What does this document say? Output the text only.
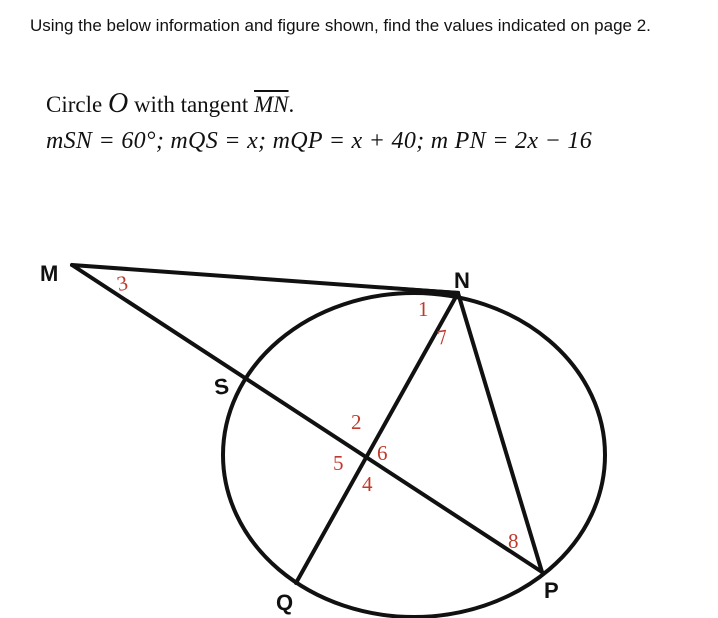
Using the below information and figure shown, find the values indicated on page 2.

Circle O with tangent $\overline{MN}$.
mSN = 60°; mQS = x; mQP = x + 40; m PN = 2x − 16
M	N
S
Q	P
1
2
3
4
5 6
7
8
